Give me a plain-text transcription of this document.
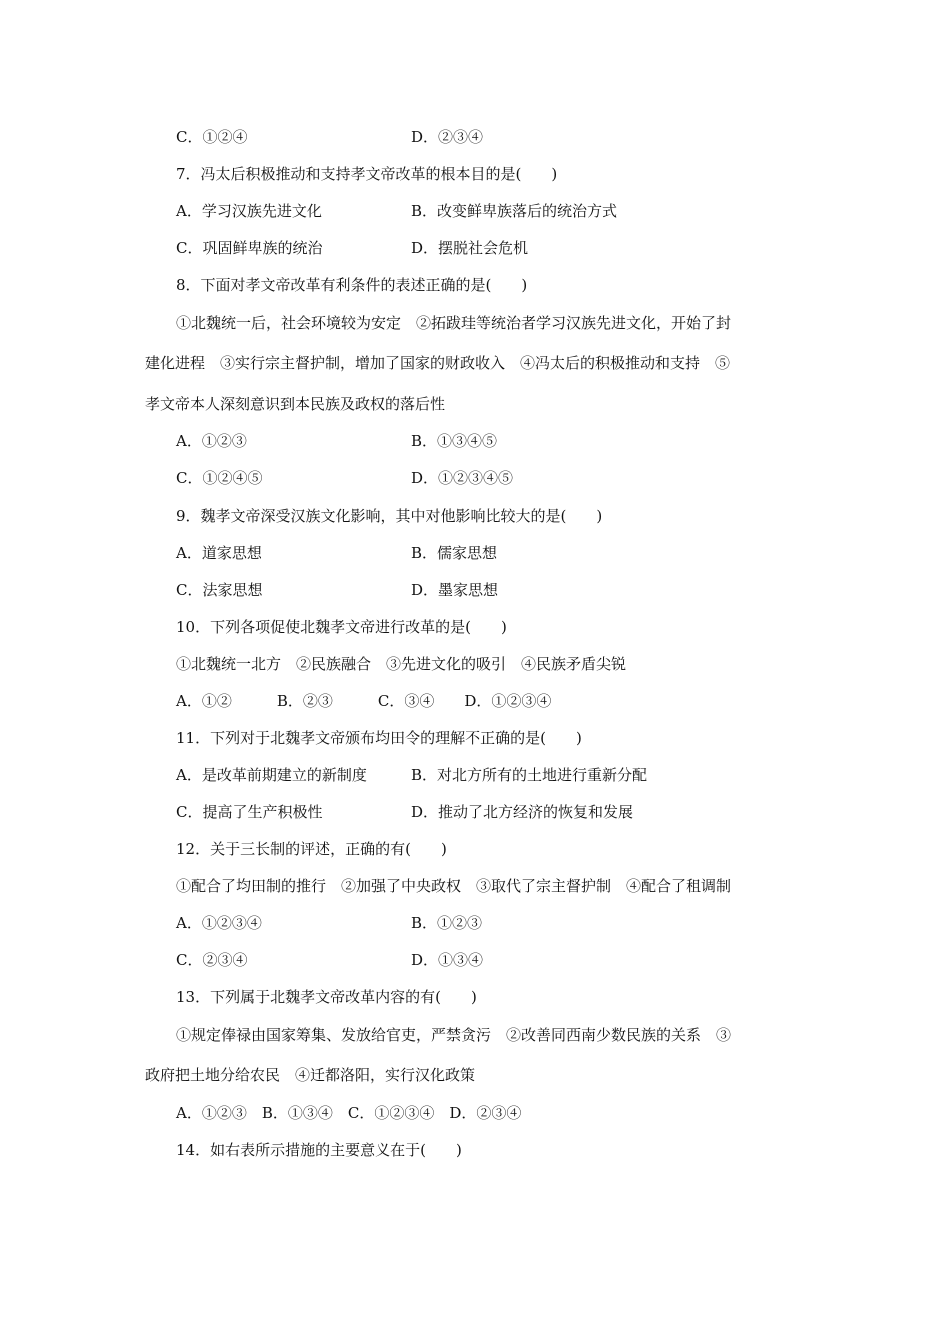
C．①②④	D．②③④
7．冯太后积极推动和支持孝文帝改革的根本目的是(　　)
A．学习汉族先进文化	B．改变鲜卑族落后的统治方式
C．巩固鲜卑族的统治	D．摆脱社会危机
8．下面对孝文帝改革有利条件的表述正确的是(　　)
①北魏统一后，社会环境较为安定　②拓跋珪等统治者学习汉族先进文化，开始了封
建化进程　③实行宗主督护制，增加了国家的财政收入　④冯太后的积极推动和支持　⑤
孝文帝本人深刻意识到本民族及政权的落后性
A．①②③	B．①③④⑤
C．①②④⑤	D．①②③④⑤
9．魏孝文帝深受汉族文化影响，其中对他影响比较大的是(　　)
A．道家思想	B．儒家思想
C．法家思想	D．墨家思想
10．下列各项促使北魏孝文帝进行改革的是(　　)
①北魏统一北方　②民族融合　③先进文化的吸引　④民族矛盾尖锐
A．①②　　　B．②③　　　C．③④　　D．①②③④
11．下列对于北魏孝文帝颁布均田令的理解不正确的是(　　)
A．是改革前期建立的新制度	B．对北方所有的土地进行重新分配
C．提高了生产积极性	D．推动了北方经济的恢复和发展
12．关于三长制的评述，正确的有(　　)
①配合了均田制的推行　②加强了中央政权　③取代了宗主督护制　④配合了租调制
A．①②③④	B．①②③
C．②③④	D．①③④
13．下列属于北魏孝文帝改革内容的有(　　)
①规定俸禄由国家筹集、发放给官吏，严禁贪污　②改善同西南少数民族的关系　③
政府把土地分给农民　④迁都洛阳，实行汉化政策
A．①②③　B．①③④　C．①②③④　D．②③④
14．如右表所示措施的主要意义在于(　　)
